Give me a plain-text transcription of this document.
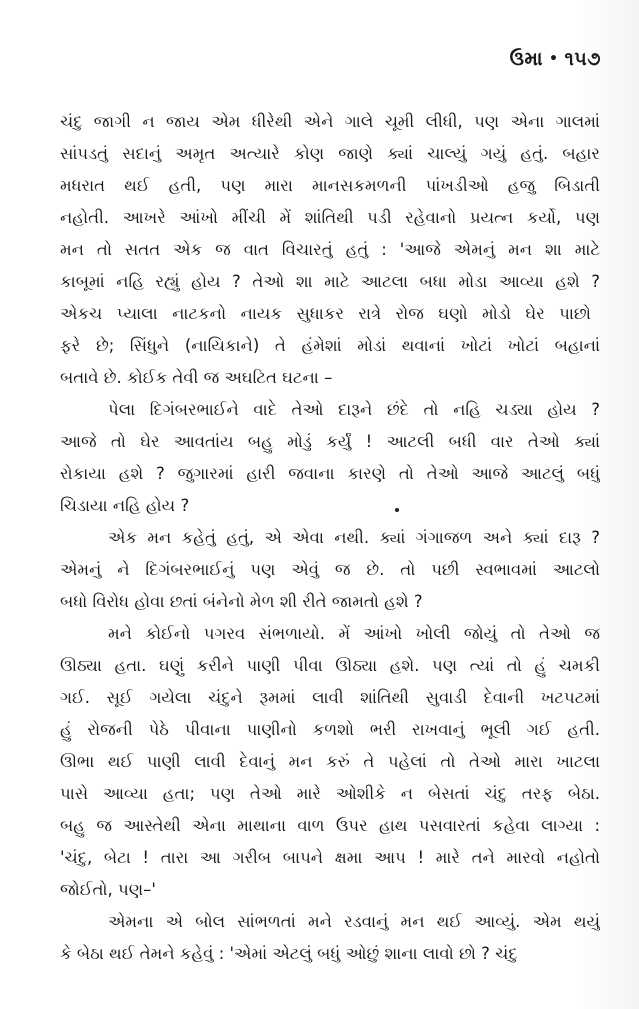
ઉમા • ૧૫૭
ચંદુ જાગી ન જાય એમ ધીરેથી એને ગાલે ચૂમી લીધી, પણ એના ગાલમાં
સાંપડતું સદાનું અમૃત અત્યારે કોણ જાણે ક્યાં ચાલ્યું ગયું હતું. બહાર
મધરાત થઈ હતી, પણ મારા માનસકમળની પાંખડીઓ હજુ બિડાતી
નહોતી. આખરે આંખો મીંચી મેં શાંતિથી પડી રહેવાનો પ્રયત્ન કર્યો, પણ
મન તો સતત એક જ વાત વિચારતું હતું : 'આજે એમનું મન શા માટે
કાબૂમાં નહિ રહ્યું હોય ? તેઓ શા માટે આટલા બધા મોડા આવ્યા હશે ?
એકચ પ્યાલા નાટકનો નાયક સુધાકર રાત્રે રોજ ઘણો મોડો ઘેર પાછો
ફરે છે; સિંધુને (નાયિકાને) તે હંમેશાં મોડાં થવાનાં ખોટાં ખોટાં બહાનાં
બતાવે છે. કોઈક તેવી જ અઘટિત ઘટના –
પેલા દિગંબરભાઈને વાદે તેઓ દારૂને છંદે તો નહિ ચડ્યા હોય ?
આજે તો ઘેર આવતાંય બહુ મોડું કર્યું ! આટલી બધી વાર તેઓ ક્યાં
રોકાયા હશે ? જુગારમાં હારી જવાના કારણે તો તેઓ આજે આટલું બધું
ચિડાયા નહિ હોય ?
એક મન કહેતું હતું, એ એવા નથી. ક્યાં ગંગાજળ અને ક્યાં દારૂ ?
એમનું ને દિગંબરભાઈનું પણ એવું જ છે. તો પછી સ્વભાવમાં આટલો
બધો વિરોધ હોવા છતાં બંનેનો મેળ શી રીતે જામતો હશે ?
મને કોઈનો પગરવ સંભળાયો. મેં આંખો ખોલી જોયું તો તેઓ જ
ઊઠ્યા હતા. ઘણું કરીને પાણી પીવા ઊઠ્યા હશે. પણ ત્યાં તો હું ચમકી
ગઈ. સૂઈ ગયેલા ચંદુને રૂમમાં લાવી શાંતિથી સુવાડી દેવાની ખટપટમાં
હું રોજની પેઠે પીવાના પાણીનો કળશો ભરી રાખવાનું ભૂલી ગઈ હતી.
ઊભા થઈ પાણી લાવી દેવાનું મન કરું તે પહેલાં તો તેઓ મારા ખાટલા
પાસે આવ્યા હતા; પણ તેઓ મારે ઓશીકે ન બેસતાં ચંદુ તરફ બેઠા.
બહુ જ આસ્તેથી એના માથાના વાળ ઉપર હાથ પસવારતાં કહેવા લાગ્યા :
'ચંદુ, બેટા ! તારા આ ગરીબ બાપને ક્ષમા આપ ! મારે તને મારવો નહોતો
જોઈતો, પણ–'
એમના એ બોલ સાંભળતાં મને રડવાનું મન થઈ આવ્યું. એમ થયું
કે બેઠા થઈ તેમને કહેવું : 'એમાં એટલું બધું ઓછું શાના લાવો છો ? ચંદુ
